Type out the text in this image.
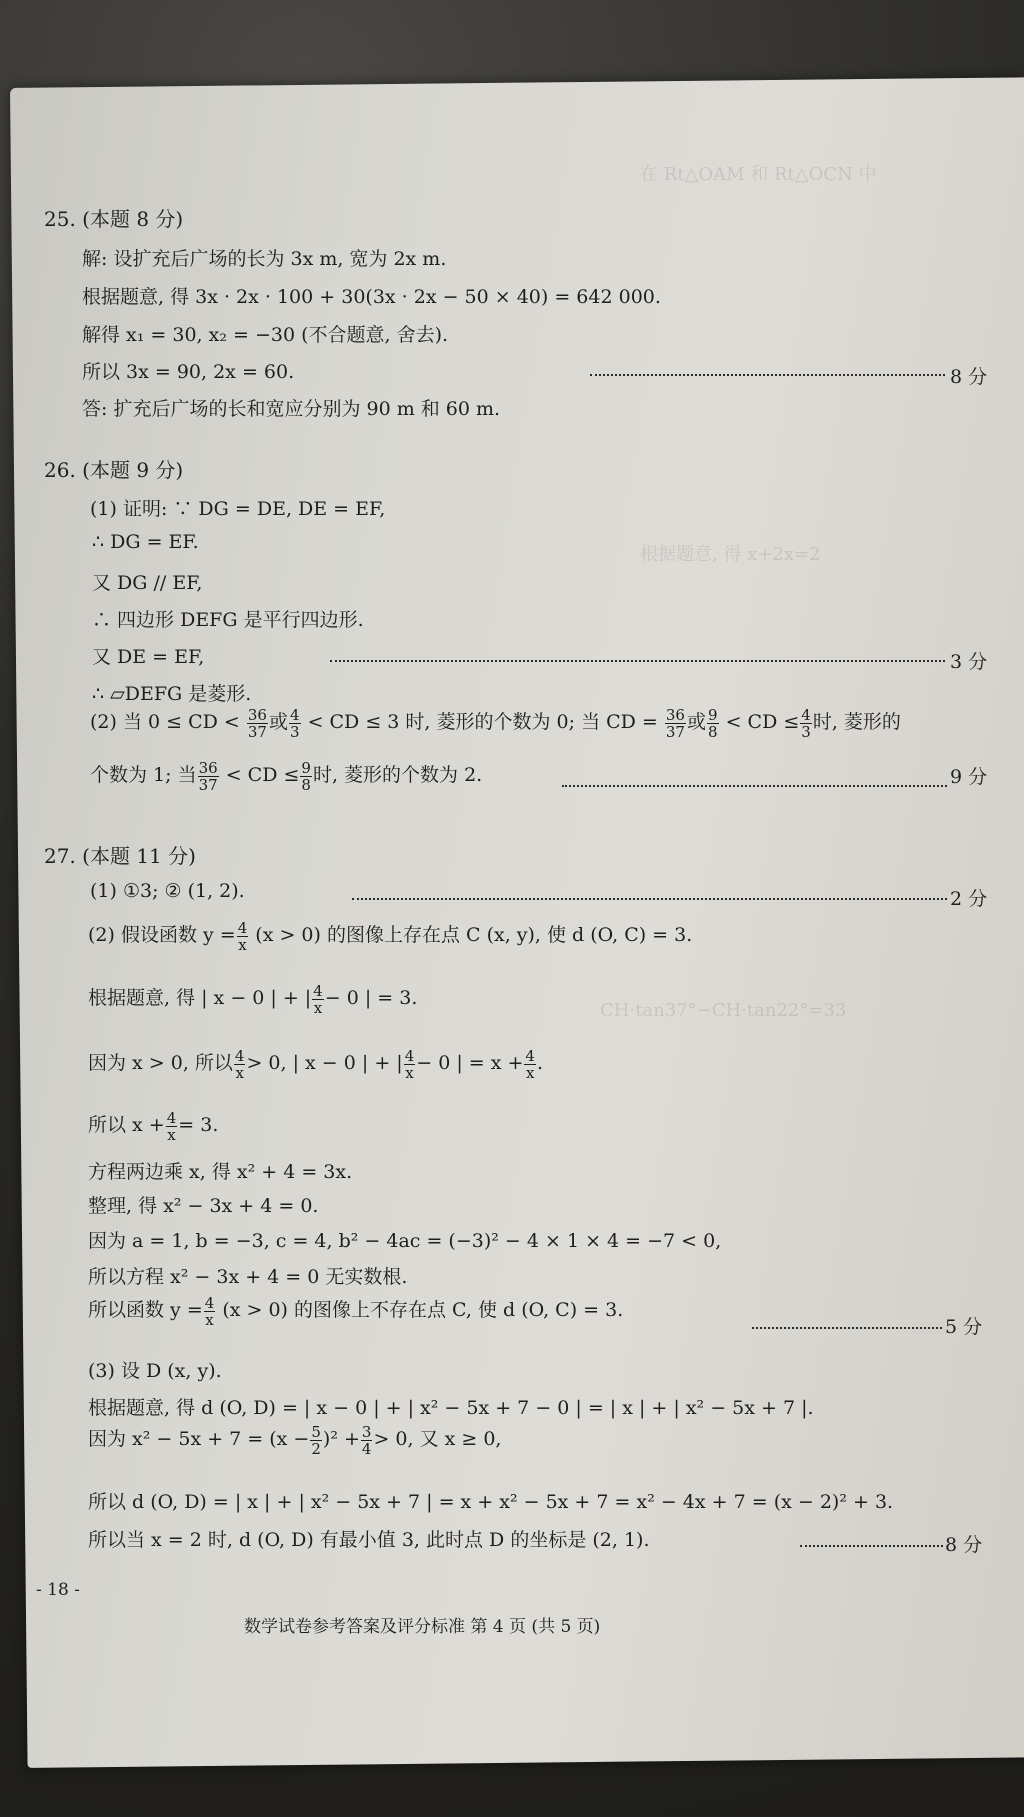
在 Rt△OAM 和 Rt△OCN 中
根据题意, 得 x+2x=2
CH·tan37°−CH·tan22°=33
25. (本题 8 分)
解: 设扩充后广场的长为 3x m, 宽为 2x m.
根据题意, 得 3x · 2x · 100 + 30(3x · 2x − 50 × 40) = 642 000.
解得 x₁ = 30, x₂ = −30 (不合题意, 舍去).
所以 3x = 90, 2x = 60.
答: 扩充后广场的长和宽应分别为 90 m 和 60 m.
8 分
26. (本题 9 分)
(1) 证明: ∵ DG = DE, DE = EF,
∴ DG = EF.
又 DG // EF,
∴ 四边形 DEFG 是平行四边形.
又 DE = EF,
∴ ▱DEFG 是菱形.
3 分
(2) 当 0 ≤ CD < $\frac{36}{37}$ 或 $\frac{4}{3}$ < CD ≤ 3 时, 菱形的个数为 0; 当 CD = $\frac{36}{37}$ 或 $\frac{9}{8}$ < CD ≤ $\frac{4}{3}$ 时, 菱形的
个数为 1; 当 $\frac{36}{37}$ < CD ≤ $\frac{9}{8}$ 时, 菱形的个数为 2.	9 分
27. (本题 11 分)
(1) ①3; ② (1, 2).	2 分
(2) 假设函数 $y = \frac{4}{x} (x > 0)$ 的图像上存在点 C (x, y), 使 d (O, C) = 3.
根据题意, 得 | x − 0 | + | $\frac{4}{x} - 0$ | = 3.
因为 x > 0, 所以 $\frac{4}{x} > 0$, | x − 0 | + | $\frac{4}{x} - 0$ | = $x + \frac{4}{x}$ .
所以 $x + \frac{4}{x} = 3$.
方程两边乘 x, 得 x² + 4 = 3x.
整理, 得 x² − 3x + 4 = 0.
因为 a = 1, b = −3, c = 4, b² − 4ac = (−3)² − 4 × 1 × 4 = −7 < 0,
所以方程 x² − 3x + 4 = 0 无实数根.
所以函数 $y = \frac{4}{x} (x > 0)$ 的图像上不存在点 C, 使 d (O, C) = 3.
5 分
(3) 设 D (x, y).
根据题意, 得 d (O, D) = | x − 0 | + | x² − 5x + 7 − 0 | = | x | + | x² − 5x + 7 |.
因为 $x^2 - 5x + 7 = (x - \frac{5}{2} )^2 + \frac{3}{4} > 0$, 又 x ≥ 0,
所以 d (O, D) = | x | + | x² − 5x + 7 | = x + x² − 5x + 7 = x² − 4x + 7 = (x − 2)² + 3.
所以当 x = 2 时, d (O, D) 有最小值 3, 此时点 D 的坐标是 (2, 1).	8 分
- 18 -
数学试卷参考答案及评分标准 第 4 页 (共 5 页)
